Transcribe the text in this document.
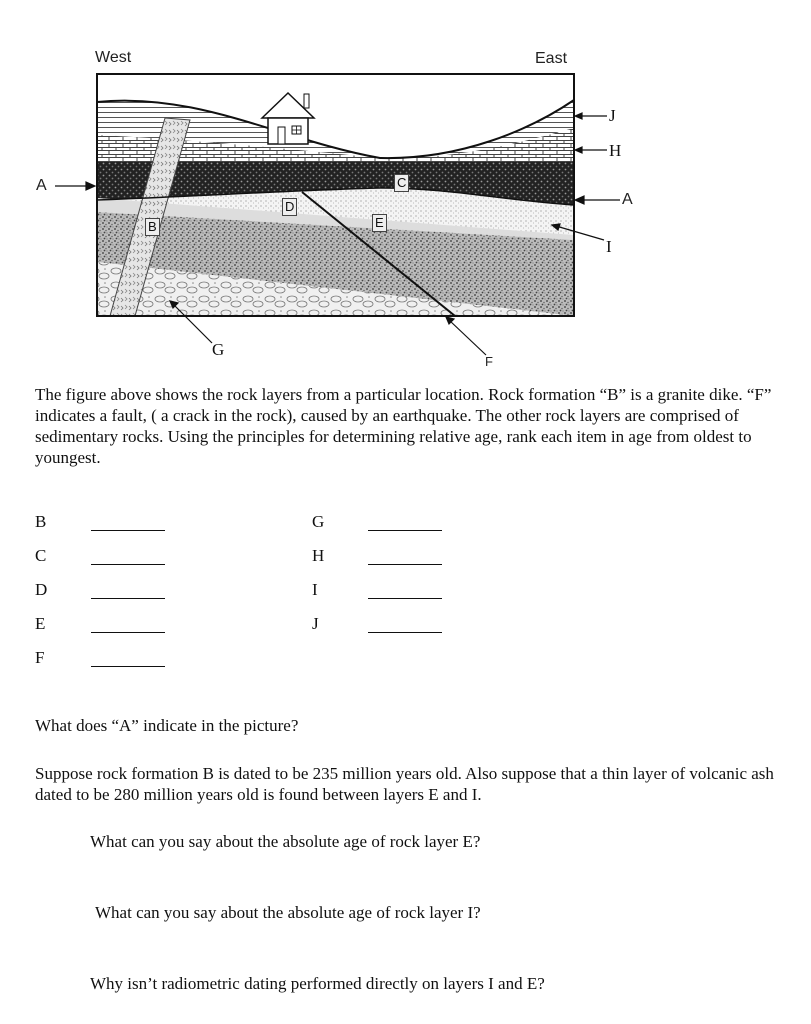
West	East
A
A
J
H
I
G
F
B
C
D
E

The figure above shows the rock layers from a particular location. Rock formation “B” is a granite dike. “F” indicates a fault, ( a crack in the rock), caused by an earthquake. The other rock layers are comprised of sedimentary rocks. Using the principles for determining relative age, rank each item in age from oldest to youngest.

B
C
D
E
F
G
H
I
J

What does “A” indicate in the picture?

Suppose rock formation B is dated to be 235 million years old. Also suppose that a thin layer of volcanic ash dated to be 280 million years old is found between layers E and I.

What can you say about the absolute age of rock layer E?

What can you say about the absolute age of rock layer I?

Why isn’t radiometric dating performed directly on layers I and E?
